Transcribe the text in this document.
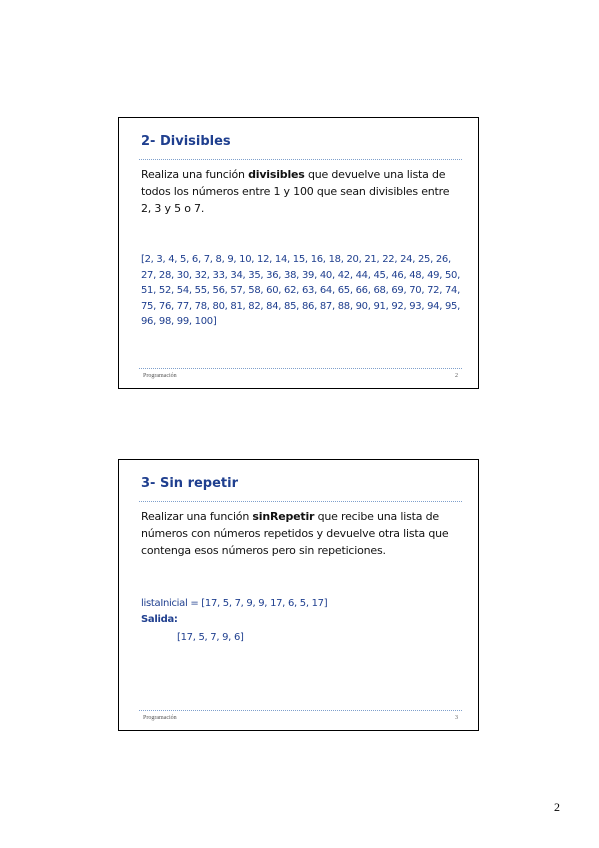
2- Divisibles
Realiza una función divisibles que devuelve una lista de todos los números entre 1 y 100 que sean divisibles entre 2, 3 y 5 o 7.
[2, 3, 4, 5, 6, 7, 8, 9, 10, 12, 14, 15, 16, 18, 20, 21, 22, 24, 25, 26, 27, 28, 30, 32, 33, 34, 35, 36, 38, 39, 40, 42, 44, 45, 46, 48, 49, 50, 51, 52, 54, 55, 56, 57, 58, 60, 62, 63, 64, 65, 66, 68, 69, 70, 72, 74, 75, 76, 77, 78, 80, 81, 82, 84, 85, 86, 87, 88, 90, 91, 92, 93, 94, 95, 96, 98, 99, 100]
Programación	2
3- Sin repetir
Realizar una función sinRepetir que recibe una lista de números con números repetidos y devuelve otra lista que contenga esos números pero sin repeticiones.
listaInicial = [17, 5, 7, 9, 9, 17, 6, 5, 17]
Salida:
[17, 5, 7, 9, 6]
Programación	3
2
